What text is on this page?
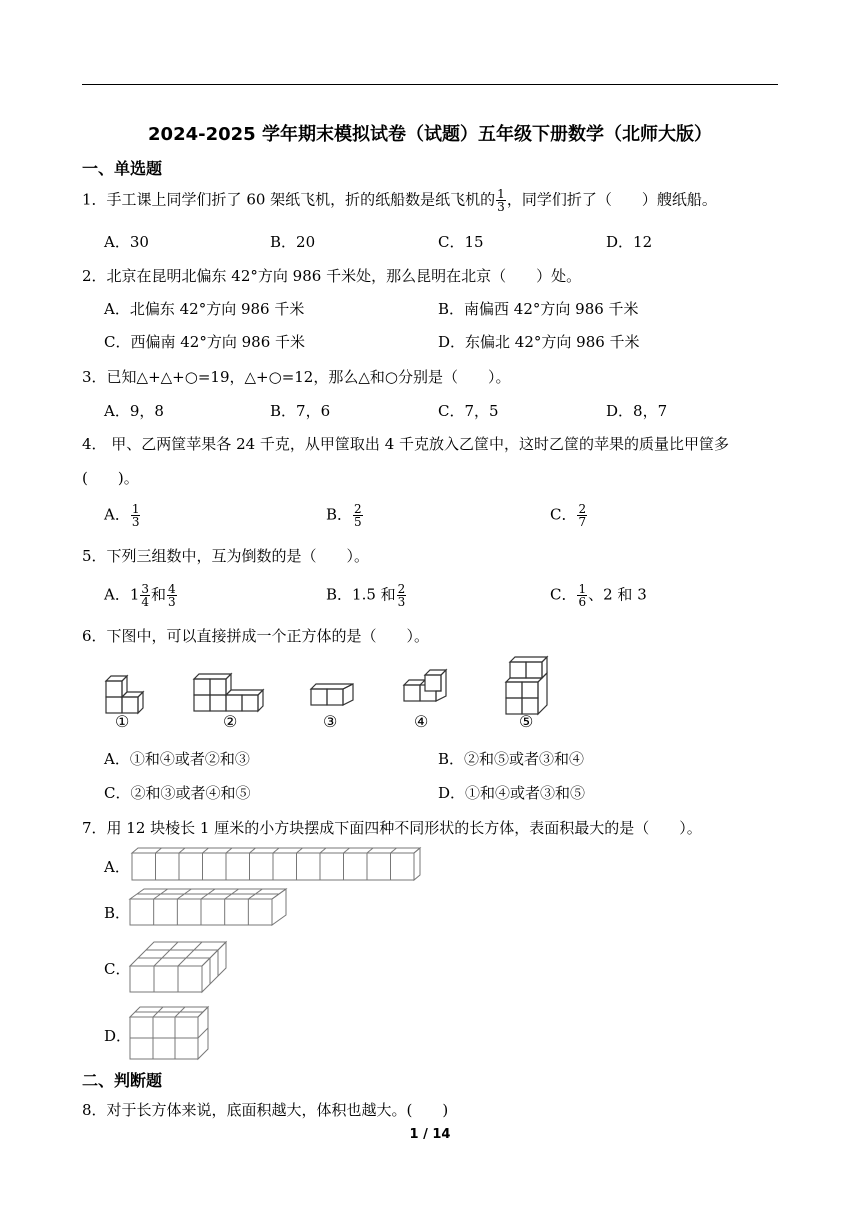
2024-2025 学年期末模拟试卷（试题）五年级下册数学（北师大版）
一、单选题
1．手工课上同学们折了 60 架纸飞机，折的纸船数是纸飞机的 $\frac{1}{3}$ ，同学们折了（　　）艘纸船。
A．30	B．20	C．15	D．12
2．北京在昆明北偏东 42°方向 986 千米处，那么昆明在北京（　　）处。
A．北偏东 42°方向 986 千米	B．南偏西 42°方向 986 千米
C．西偏南 42°方向 986 千米	D．东偏北 42°方向 986 千米
3．已知△+△+○=19，△+○=12，那么△和○分别是（　　）。
A．9，8	B．7，6	C．7，5	D．8，7
4． 甲、乙两筐苹果各 24 千克，从甲筐取出 4 千克放入乙筐中，这时乙筐的苹果的质量比甲筐多
(　　)。
A． $\frac{1}{3}$	B． $\frac{2}{5}$	C． $\frac{2}{7}$
5．下列三组数中，互为倒数的是（　　）。
A．$1 \frac{3}{4}$ 和 $\frac{4}{3}$	B．1.5 和 $\frac{2}{3}$	C． $\frac{1}{6}$ 、2 和 3
6．下图中，可以直接拼成一个正方体的是（　　）。
①	②	③	④	⑤
A．①和④或者②和③	B．②和⑤或者③和④
C．②和③或者④和⑤	D．①和④或者③和⑤
7．用 12 块棱长 1 厘米的小方块摆成下面四种不同形状的长方体，表面积最大的是（　　）。
A．
B．
C．
D．
二、判断题
8．对于长方体来说，底面积越大，体积也越大。(　　)
1 / 14
